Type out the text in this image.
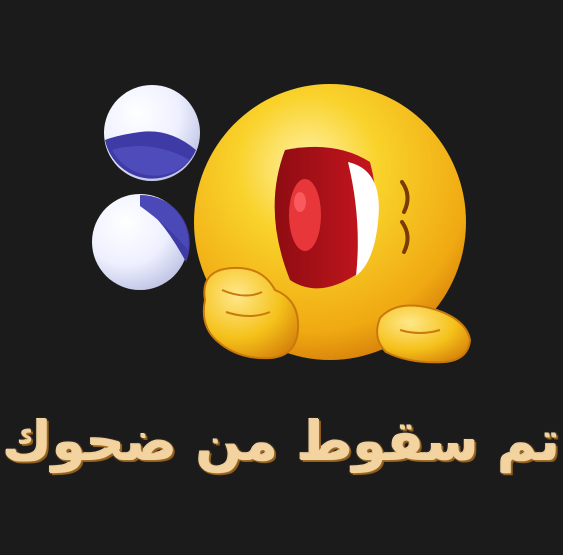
تم سقوط من ضحوك
